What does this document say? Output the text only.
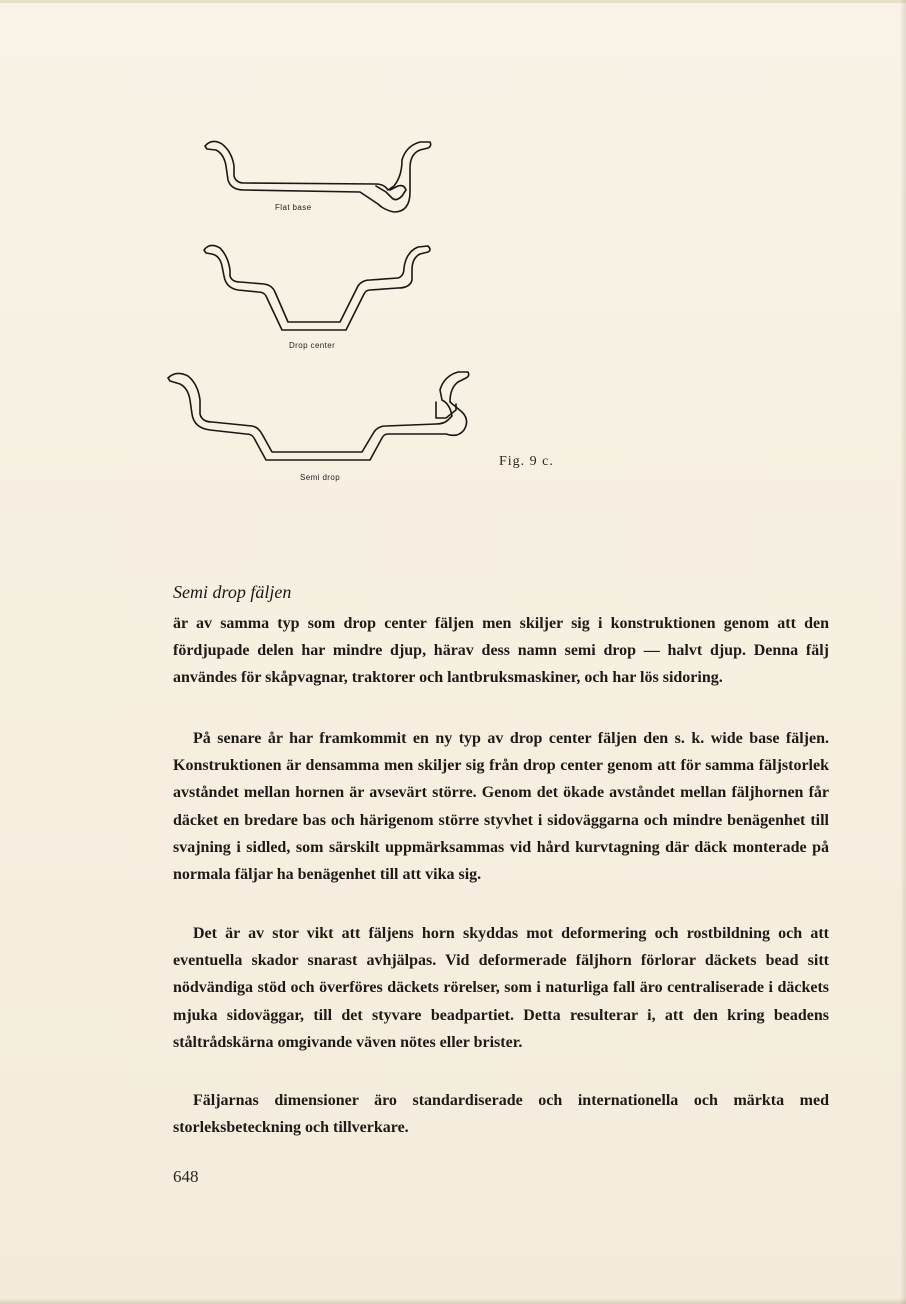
Flat base
Drop center
Semi drop
Fig. 9 c.
Semi drop fäljen
är av samma typ som drop center fäljen men skiljer sig i konstruktionen genom att den fördjupade delen har mindre djup, härav dess namn semi drop — halvt djup. Denna fälj användes för skåpvagnar, traktorer och lantbruksmaskiner, och har lös sidoring.
På senare år har framkommit en ny typ av drop center fäljen den s. k. wide base fäljen. Konstruktionen är densamma men skiljer sig från drop center genom att för samma fäljstorlek avståndet mellan hornen är avsevärt större. Genom det ökade avståndet mellan fäljhornen får däcket en bredare bas och härigenom större styvhet i sidoväggarna och mindre benägenhet till svajning i sidled, som särskilt uppmärksammas vid hård kurvtagning där däck monterade på normala fäljar ha benägenhet till att vika sig.
Det är av stor vikt att fäljens horn skyddas mot deformering och rostbildning och att eventuella skador snarast avhjälpas. Vid deformerade fäljhorn förlorar däckets bead sitt nödvändiga stöd och överföres däckets rörelser, som i naturliga fall äro centraliserade i däckets mjuka sidoväggar, till det styvare beadpartiet. Detta resulterar i, att den kring beadens ståltrådskärna omgivande väven nötes eller brister.
Fäljarnas dimensioner äro standardiserade och internationella och märkta med storleksbeteckning och tillverkare.
648
